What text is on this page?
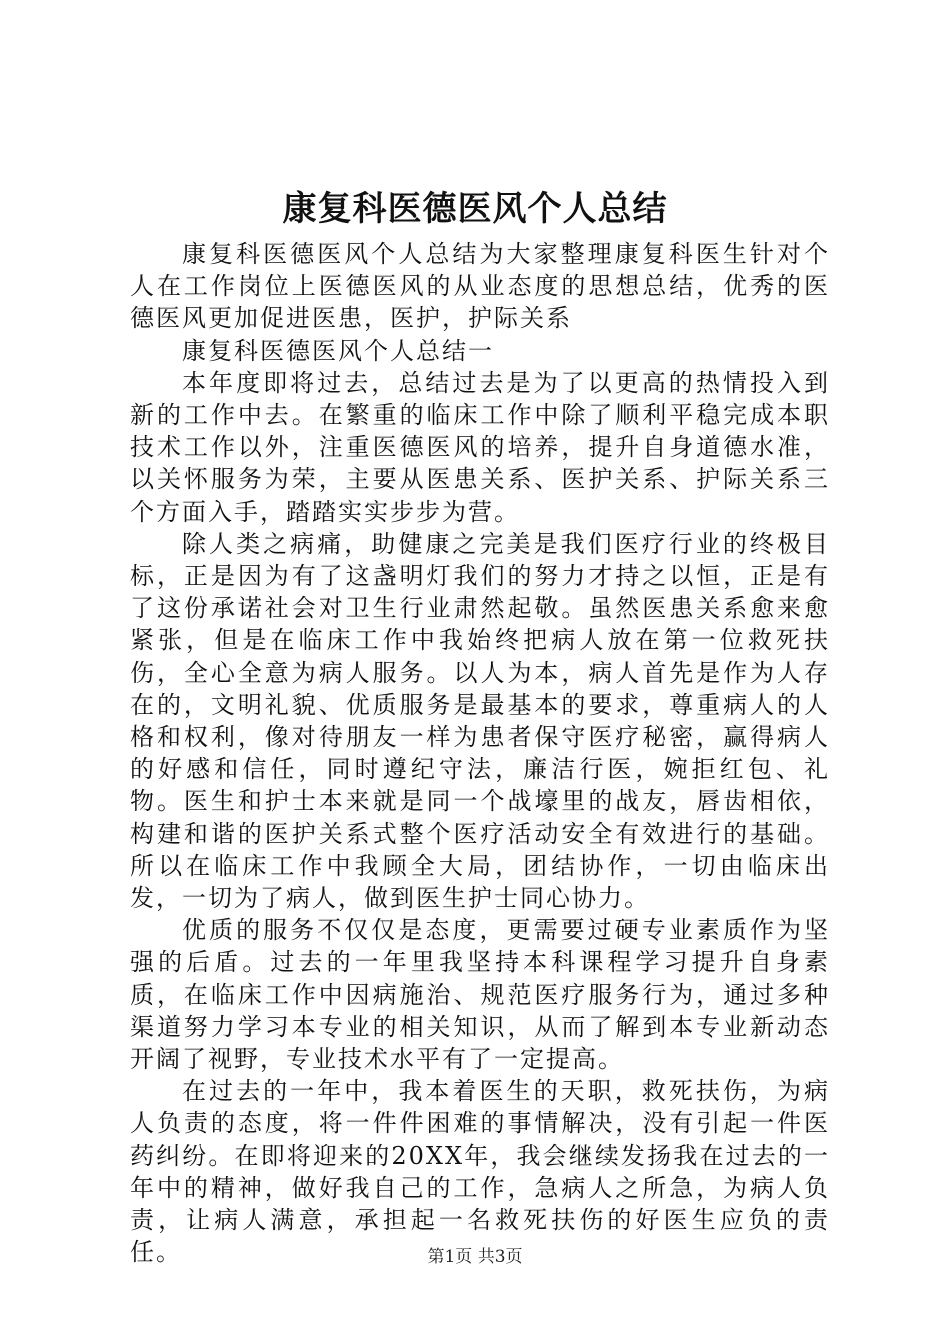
康复科医德医风个人总结

康复科医德医风个人总结为大家整理康复科医生针对个人在工作岗位上医德医风的从业态度的思想总结，优秀的医德医风更加促进医患，医护，护际关系

康复科医德医风个人总结一

本年度即将过去，总结过去是为了以更高的热情投入到新的工作中去。在繁重的临床工作中除了顺利平稳完成本职技术工作以外，注重医德医风的培养，提升自身道德水准，以关怀服务为荣，主要从医患关系、医护关系、护际关系三个方面入手，踏踏实实步步为营。

除人类之病痛，助健康之完美是我们医疗行业的终极目标，正是因为有了这盏明灯我们的努力才持之以恒，正是有了这份承诺社会对卫生行业肃然起敬。虽然医患关系愈来愈紧张，但是在临床工作中我始终把病人放在第一位救死扶伤，全心全意为病人服务。以人为本，病人首先是作为人存在的，文明礼貌、优质服务是最基本的要求，尊重病人的人格和权利，像对待朋友一样为患者保守医疗秘密，赢得病人的好感和信任，同时遵纪守法，廉洁行医，婉拒红包、礼物。医生和护士本来就是同一个战壕里的战友，唇齿相依，构建和谐的医护关系式整个医疗活动安全有效进行的基础。所以在临床工作中我顾全大局，团结协作，一切由临床出发，一切为了病人，做到医生护士同心协力。

优质的服务不仅仅是态度，更需要过硬专业素质作为坚强的后盾。过去的一年里我坚持本科课程学习提升自身素质，在临床工作中因病施治、规范医疗服务行为，通过多种渠道努力学习本专业的相关知识，从而了解到本专业新动态开阔了视野，专业技术水平有了一定提高。

在过去的一年中，我本着医生的天职，救死扶伤，为病人负责的态度，将一件件困难的事情解决，没有引起一件医药纠纷。在即将迎来的20XX年，我会继续发扬我在过去的一年中的精神，做好我自己的工作，急病人之所急，为病人负责，让病人满意，承担起一名救死扶伤的好医生应负的责任。	第1页 共3页
